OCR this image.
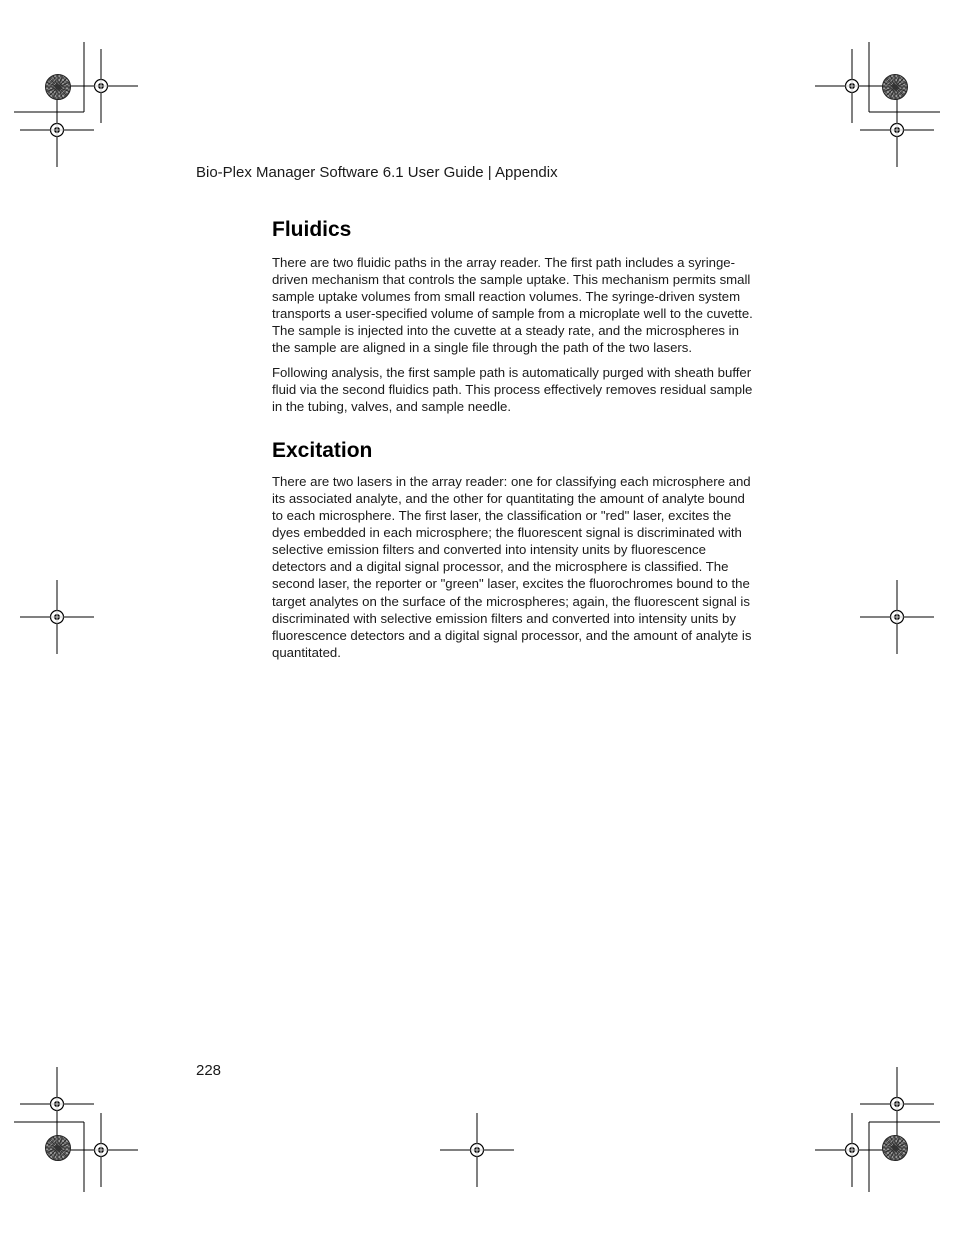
Bio-Plex Manager Software 6.1 User Guide | Appendix
Fluidics

There are two fluidic paths in the array reader. The first path includes a syringe-driven mechanism that controls the sample uptake. This mechanism permits small sample uptake volumes from small reaction volumes. The syringe-driven system transports a user-specified volume of sample from a microplate well to the cuvette. The sample is injected into the cuvette at a steady rate, and the microspheres in the sample are aligned in a single file through the path of the two lasers.

Following analysis, the first sample path is automatically purged with sheath buffer fluid via the second fluidics path. This process effectively removes residual sample in the tubing, valves, and sample needle.

Excitation

There are two lasers in the array reader: one for classifying each microsphere and its associated analyte, and the other for quantitating the amount of analyte bound to each microsphere. The first laser, the classification or "red" laser, excites the dyes embedded in each microsphere; the fluorescent signal is discriminated with selective emission filters and converted into intensity units by fluorescence detectors and a digital signal processor, and the microsphere is classified. The second laser, the reporter or "green" laser, excites the fluorochromes bound to the target analytes on the surface of the microspheres; again, the fluorescent signal is discriminated with selective emission filters and converted into intensity units by fluorescence detectors and a digital signal processor, and the amount of analyte is quantitated.

228
